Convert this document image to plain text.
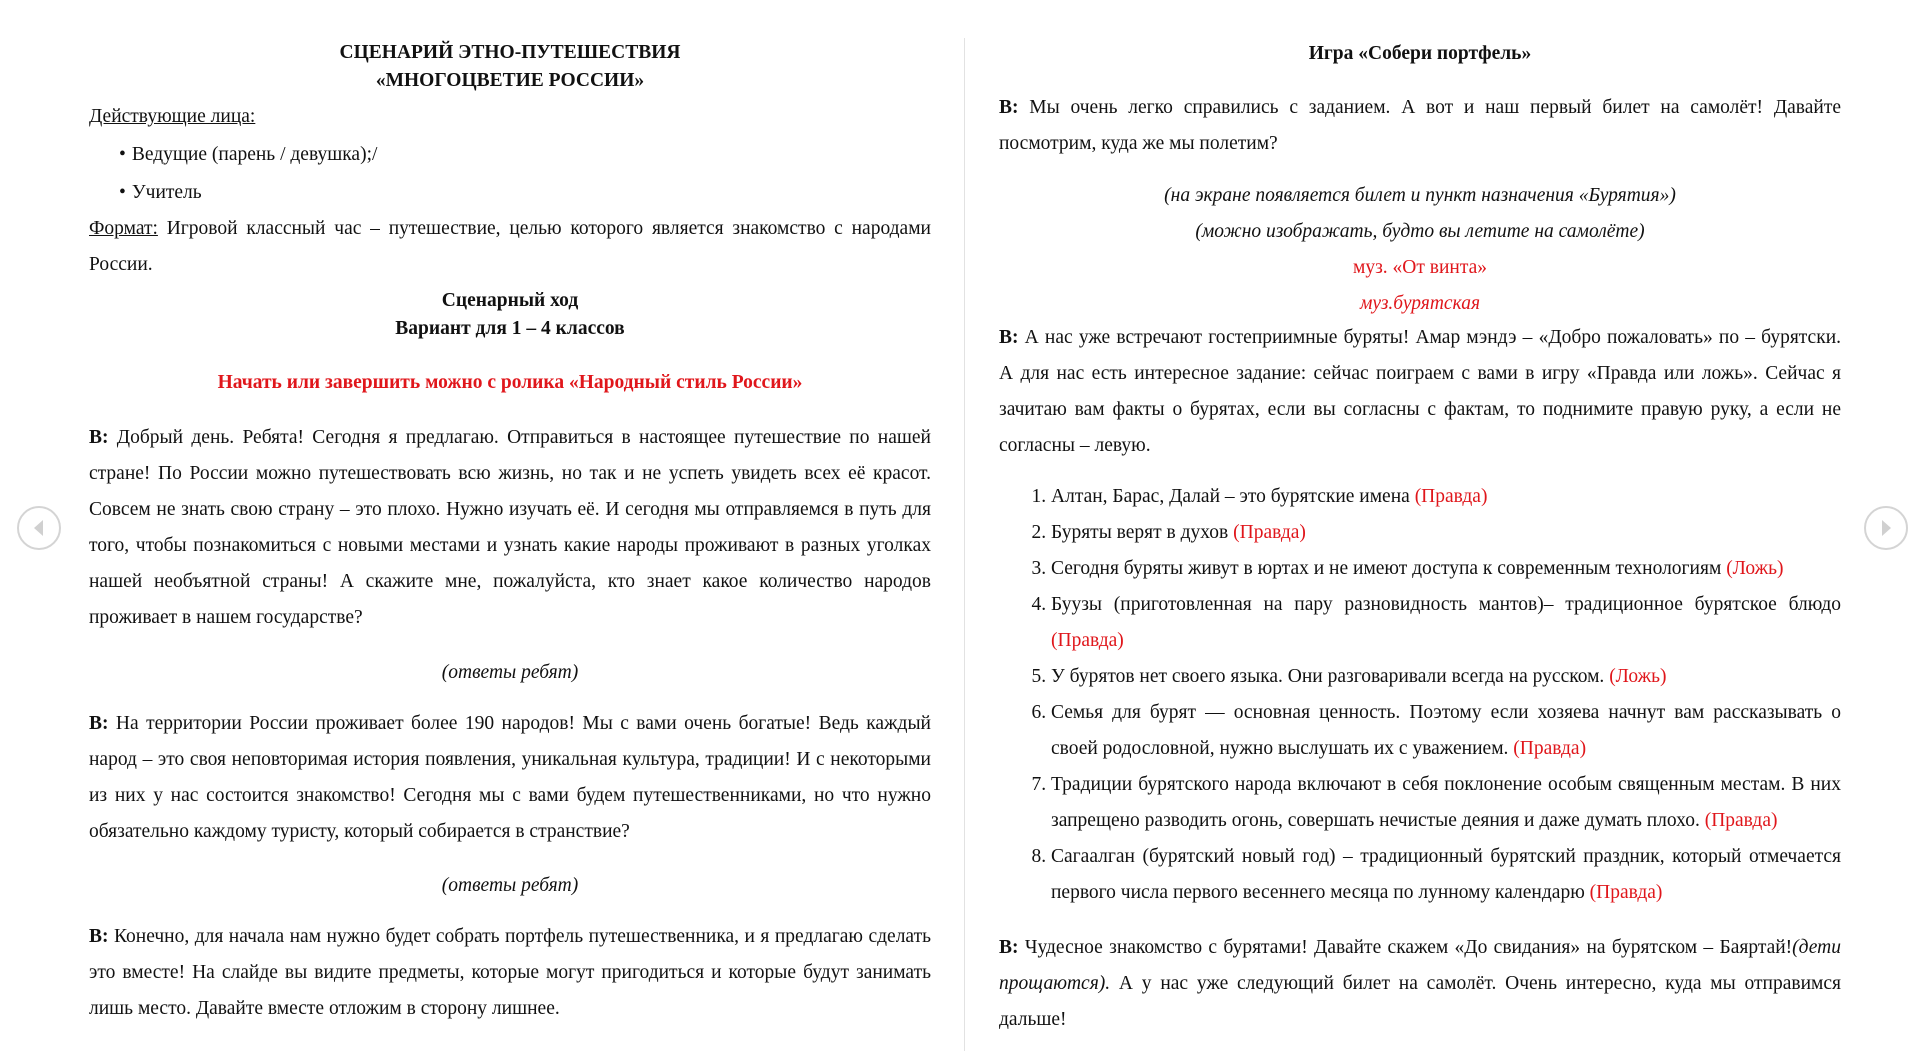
СЦЕНАРИЙ ЭТНО-ПУТЕШЕСТВИЯ

«МНОГОЦВЕТИЕ РОССИИ»

Действующие лица:
• Ведущие (парень / девушка);/
• Учитель

Формат: Игровой классный час – путешествие, целью которого является знакомство с народами России.

Сценарный ход

Вариант для 1 – 4 классов

Начать или завершить можно с ролика «Народный стиль России»

В: Добрый день. Ребята! Сегодня я предлагаю. Отправиться в настоящее путешествие по нашей стране! По России можно путешествовать всю жизнь, но так и не успеть увидеть всех её красот. Совсем не знать свою страну – это плохо. Нужно изучать её. И сегодня мы отправляемся в путь для того, чтобы познакомиться с новыми местами и узнать какие народы проживают в разных уголках нашей необъятной страны! А скажите мне, пожалуйста, кто знает какое количество народов проживает в нашем государстве?

(ответы ребят)

В: На территории России проживает более 190 народов! Мы с вами очень богатые! Ведь каждый народ – это своя неповторимая история появления, уникальная культура, традиции! И с некоторыми из них у нас состоится знакомство! Сегодня мы с вами будем путешественниками, но что нужно обязательно каждому туристу, который собирается в странствие?

(ответы ребят)

В: Конечно, для начала нам нужно будет собрать портфель путешественника, и я предлагаю сделать это вместе! На слайде вы видите предметы, которые могут пригодиться и которые будут занимать лишь место. Давайте вместе отложим в сторону лишнее.

Игра «Собери портфель»

В: Мы очень легко справились с заданием. А вот и наш первый билет на самолёт! Давайте посмотрим, куда же мы полетим?

(на экране появляется билет и пункт назначения «Бурятия»)

(можно изображать, будто вы летите на самолёте)

муз. «От винта»

муз.бурятская

В: А нас уже встречают гостеприимные буряты! Амар мэндэ – «Добро пожаловать» по – бурятски. А для нас есть интересное задание: сейчас поиграем с вами в игру «Правда или ложь». Сейчас я зачитаю вам факты о бурятах, если вы согласны с фактам, то поднимите правую руку, а если не согласны – левую.

1. Алтан, Барас, Далай – это бурятские имена (Правда)
2. Буряты верят в духов (Правда)
3. Сегодня буряты живут в юртах и не имеют доступа к современным технологиям (Ложь)
4. Буузы (приготовленная на пару разновидность мантов)– традиционное бурятское блюдо (Правда)
5. У бурятов нет своего языка. Они разговаривали всегда на русском. (Ложь)
6. Семья для бурят — основная ценность. Поэтому если хозяева начнут вам рассказывать о своей родословной, нужно выслушать их с уважением. (Правда)
7. Традиции бурятского народа включают в себя поклонение особым священным местам. В них запрещено разводить огонь, совершать нечистые деяния и даже думать плохо. (Правда)
8. Сагаалган (бурятский новый год) – традиционный бурятский праздник, который отмечается первого числа первого весеннего месяца по лунному календарю (Правда)

В: Чудесное знакомство с бурятами! Давайте скажем «До свидания» на бурятском – Баяртай!(дети прощаются). А у нас уже следующий билет на самолёт. Очень интересно, куда мы отправимся дальше!
